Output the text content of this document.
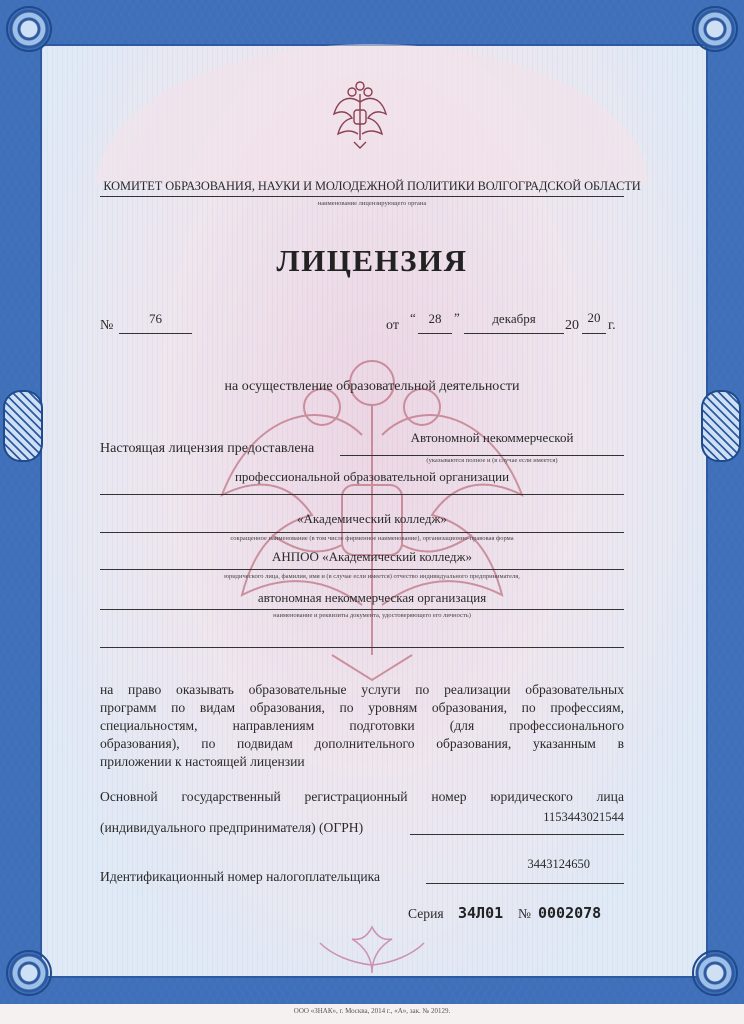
КОМИТЕТ ОБРАЗОВАНИЯ, НАУКИ И МОЛОДЕЖНОЙ ПОЛИТИКИ ВОЛГОГРАДСКОЙ ОБЛАСТИ
наименование лицензирующего органа
ЛИЦЕНЗИЯ
№	76	от
“ 28 ”	декабря	20
20
г.
на осуществление образовательной деятельности
Настоящая лицензия предоставлена
Автономной некоммерческой
(указываются полное и (в случае если имеется)
профессиональной образовательной организации
«Академический колледж»
сокращенное наименование (в том числе фирменное наименование), организационно-правовая форма
АНПОО «Академический колледж»
юридического лица, фамилия, имя и (в случае если имеется) отчество индивидуального предпринимателя,
автономная некоммерческая организация
наименование и реквизиты документа, удостоверяющего его личность)
на право оказывать образовательные услуги по реализации образовательных
программ по видам образования, по уровням образования, по профессиям,
специальностям, направлениям подготовки (для профессионального
образования), по подвидам дополнительного образования, указанным в
приложении к настоящей лицензии
Основной государственный регистрационный номер юридического лица
(индивидуального предпринимателя) (ОГРН)
1153443021544
Идентификационный номер налогоплательщика
3443124650
Серия 34Л01 № 0002078
ООО «ЗНАК», г. Москва, 2014 г., «А», зак. № 20129.
